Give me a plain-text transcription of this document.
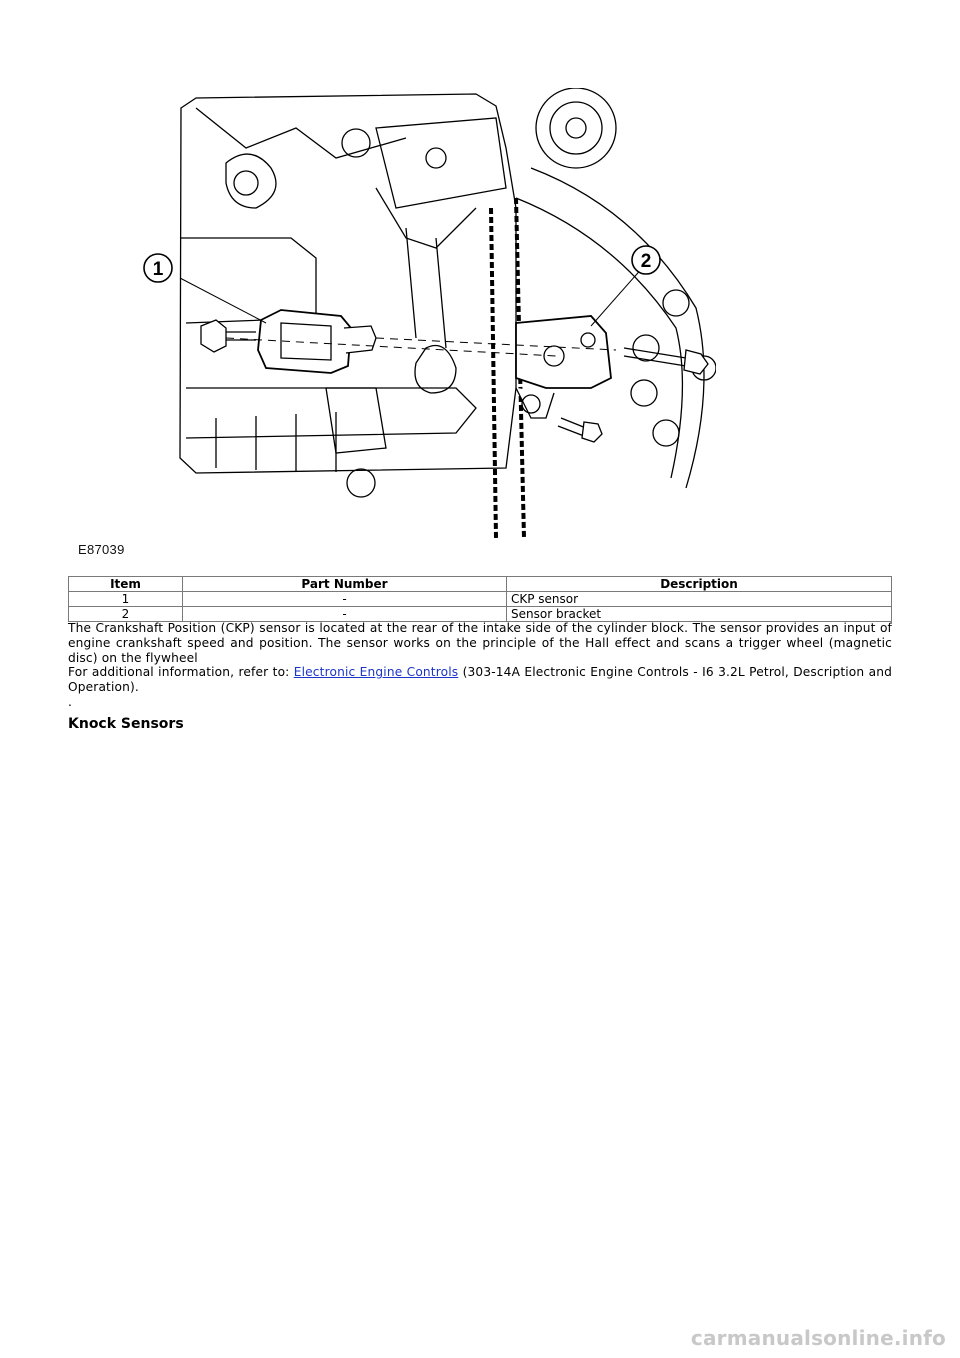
1	2
E87039
Item	Part Number	Description
1	-	CKP sensor
2	-	Sensor bracket

The Crankshaft Position (CKP) sensor is located at the rear of the intake side of the cylinder block. The sensor provides an input of engine crankshaft speed and position. The sensor works on the principle of the Hall effect and scans a trigger wheel (magnetic disc) on the flywheel

For additional information, refer to: Electronic Engine Controls (303-14A Electronic Engine Controls - I6 3.2L Petrol, Description and Operation).

.

Knock Sensors
carmanualsonline.info
